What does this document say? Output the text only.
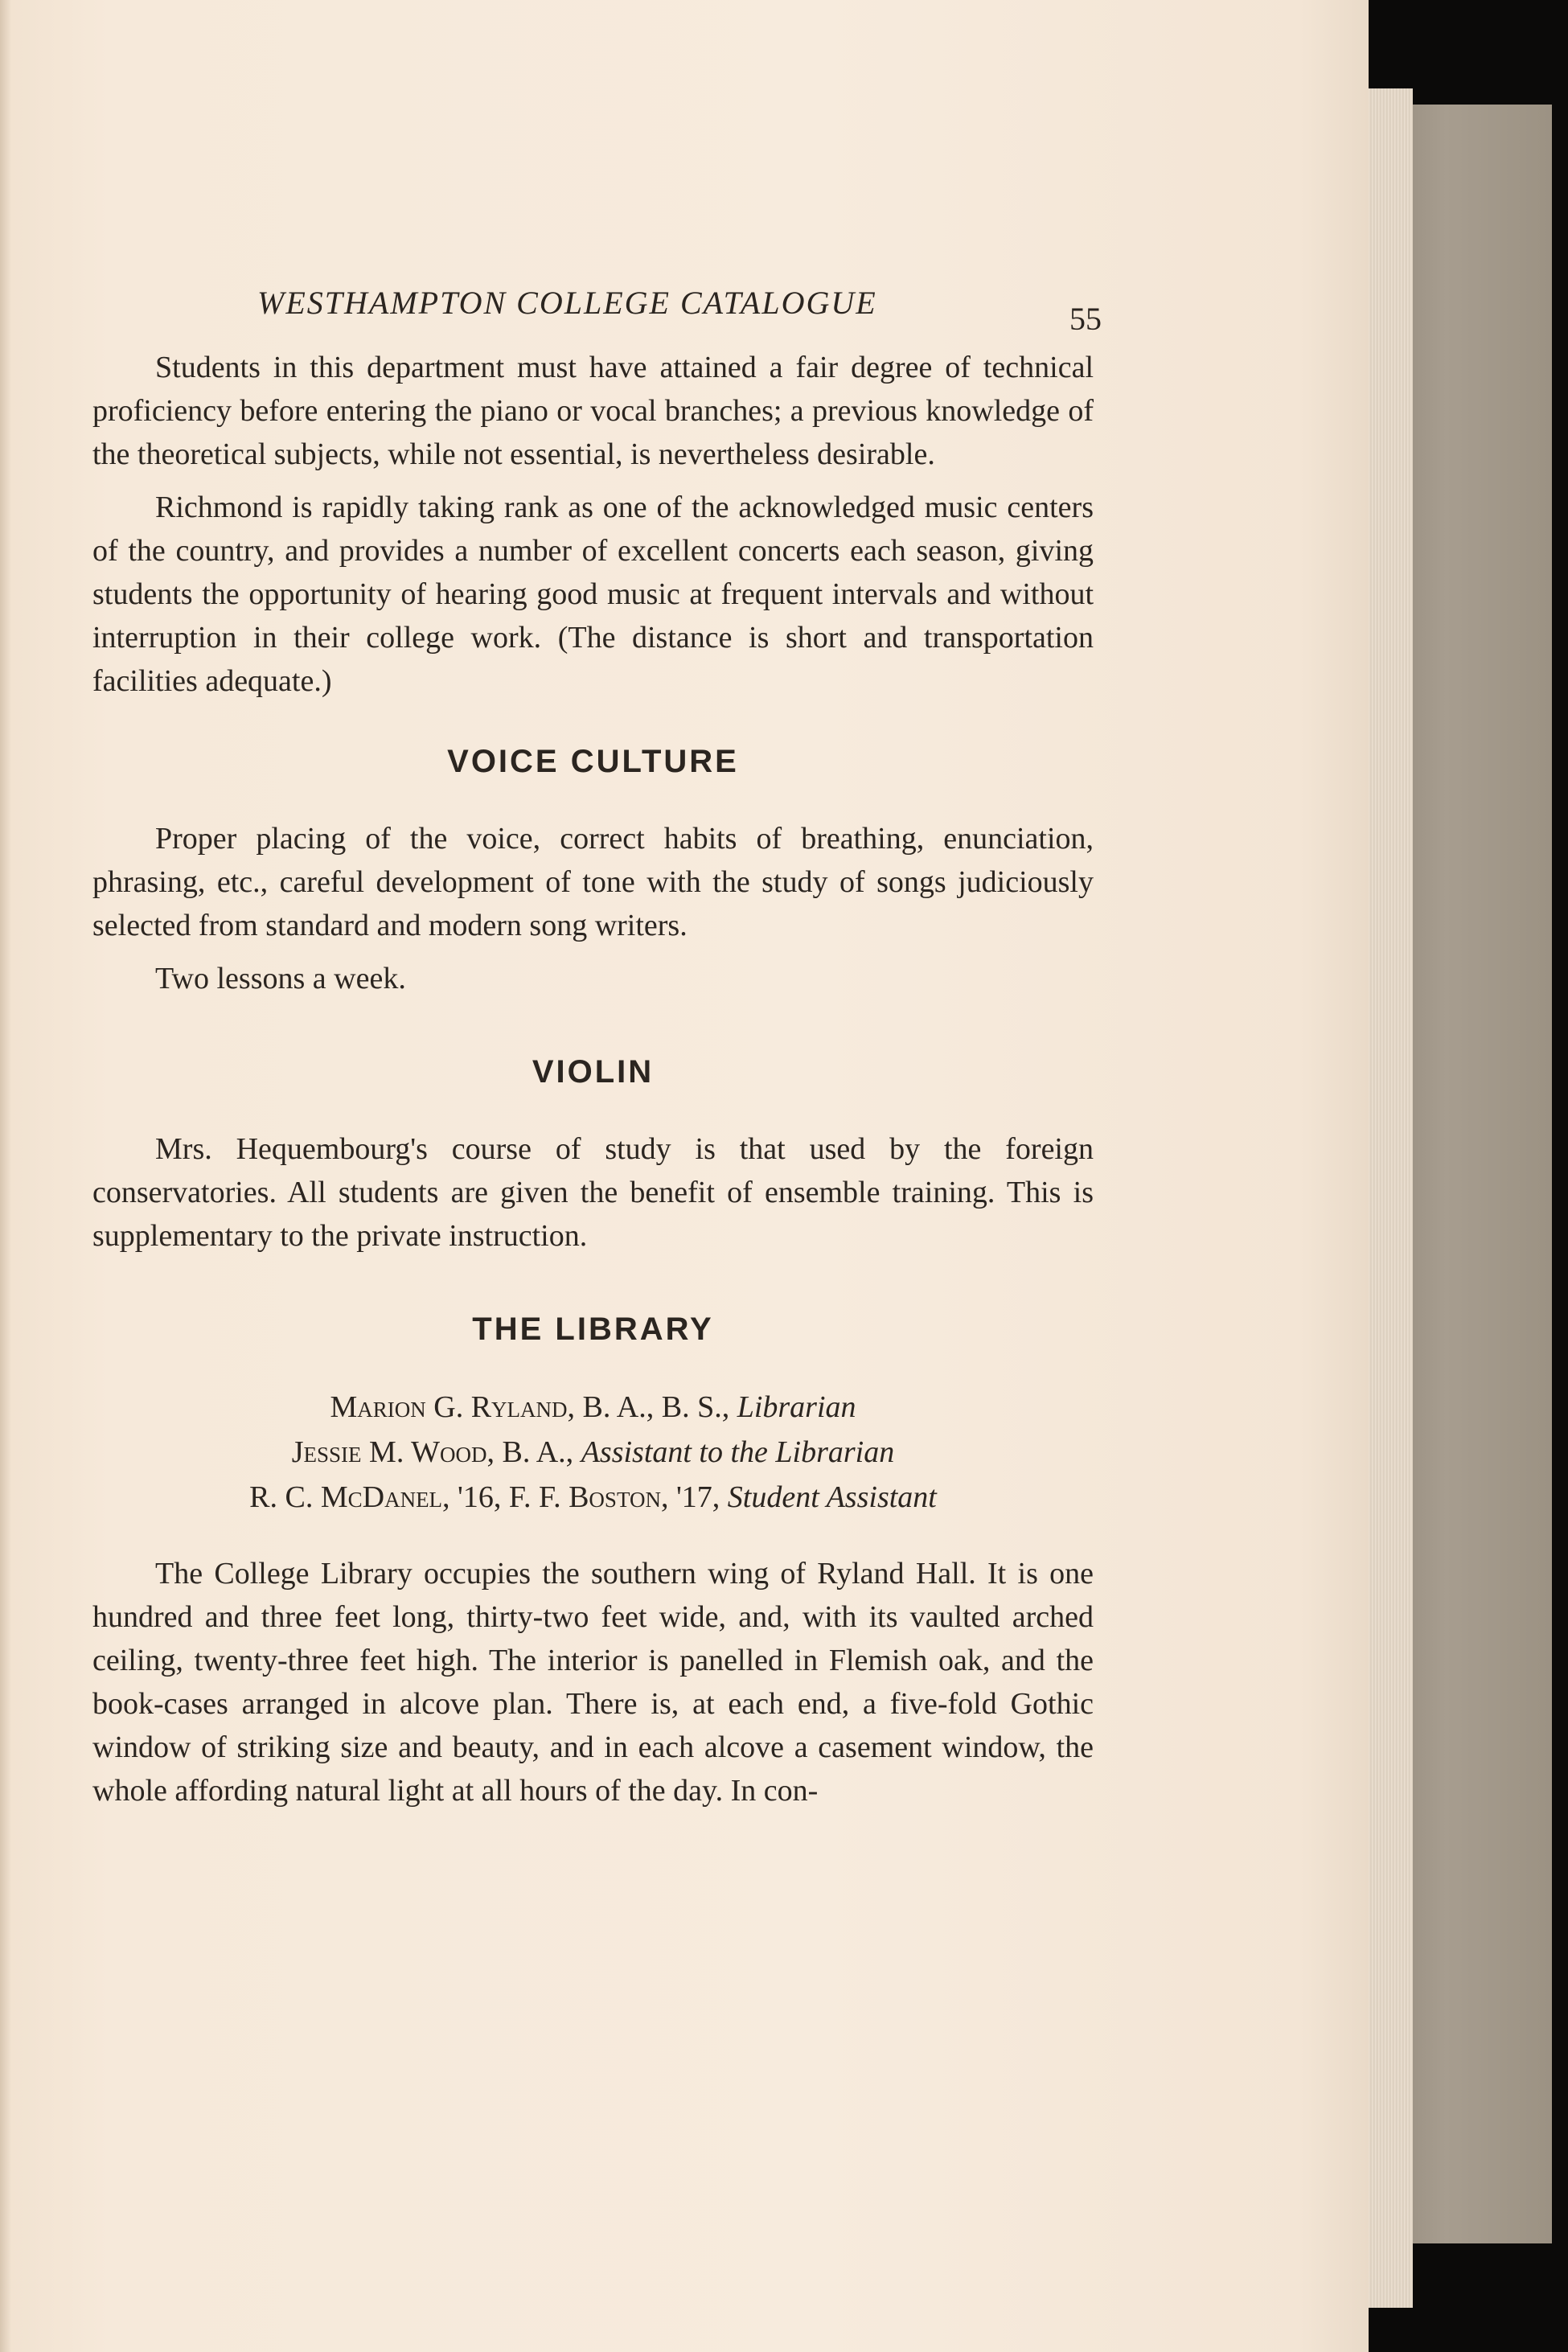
WESTHAMPTON COLLEGE CATALOGUE	55

Students in this department must have attained a fair degree of technical proficiency before entering the piano or vocal branches; a previous knowledge of the theoretical subjects, while not essential, is nevertheless desirable.

Richmond is rapidly taking rank as one of the acknowledged music centers of the country, and provides a number of excellent concerts each season, giving students the opportunity of hearing good music at frequent intervals and without interruption in their college work. (The distance is short and transportation facilities adequate.)

VOICE CULTURE

Proper placing of the voice, correct habits of breathing, enunciation, phrasing, etc., careful development of tone with the study of songs judiciously selected from standard and modern song writers.

Two lessons a week.

VIOLIN

Mrs. Hequembourg's course of study is that used by the foreign conservatories. All students are given the benefit of ensemble training. This is supplementary to the private instruction.

THE LIBRARY
Marion G. Ryland, B. A., B. S., Librarian
Jessie M. Wood, B. A., Assistant to the Librarian
R. C. McDanel, '16, F. F. Boston, '17, Student Assistant

The College Library occupies the southern wing of Ryland Hall. It is one hundred and three feet long, thirty-two feet wide, and, with its vaulted arched ceiling, twenty-three feet high. The interior is panelled in Flemish oak, and the book-cases arranged in alcove plan. There is, at each end, a five-fold Gothic window of striking size and beauty, and in each alcove a casement window, the whole affording natural light at all hours of the day. In con-
